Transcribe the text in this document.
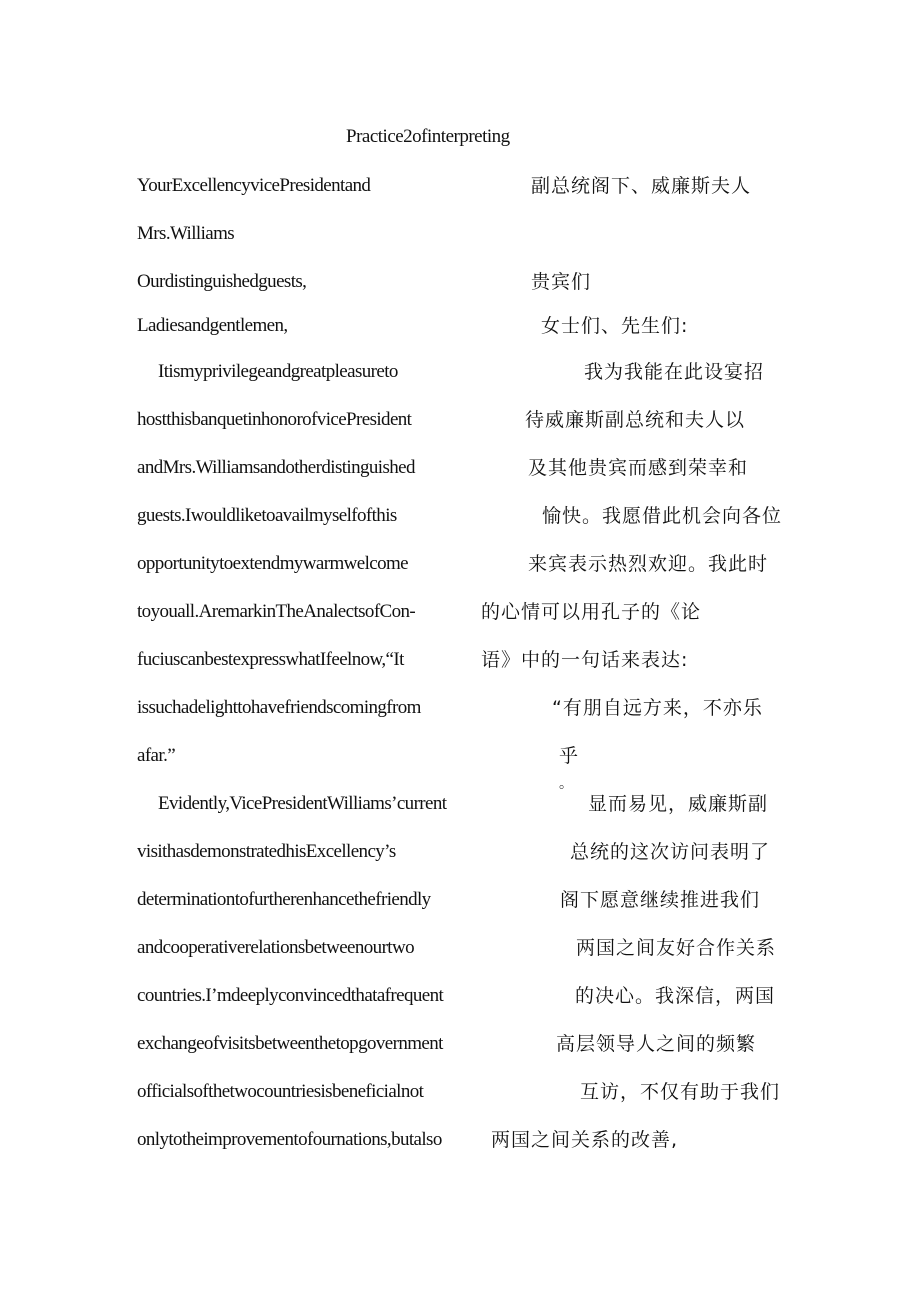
Practice2ofinterpreting
YourExcellencyvicePresidentand
Mrs.Williams
Ourdistinguishedguests,
Ladiesandgentlemen,
Itismyprivilegeandgreatpleasureto
hostthisbanquetinhonorofvicePresident
andMrs.Williamsandotherdistinguished
guests.Iwouldliketoavailmyselfofthis
opportunitytoextendmywarmwelcome
toyouall.AremarkinTheAnalectsofCon-
fuciuscanbestexpresswhatIfeelnow,“It
issuchadelighttohavefriendscomingfrom
afar.”
Evidently,VicePresidentWilliams’current
visithasdemonstratedhisExcellency’s
determinationtofurtherenhancethefriendly
andcooperativerelationsbetweenourtwo
countries.I’mdeeplyconvincedthatafrequent
exchangeofvisitsbetweenthetopgovernment
officialsofthetwocountriesisbeneficialnot
onlytotheimprovementofournations,butalso
副总统阁下、威廉斯夫人
贵宾们
女士们、先生们:
我为我能在此设宴招
待威廉斯副总统和夫人以
及其他贵宾而感到荣幸和
愉快。我愿借此机会向各位
来宾表示热烈欢迎。我此时
的心情可以用孔子的《论
语》中的一句话来表达:
“有朋自远方来，不亦乐
乎
。
显而易见，威廉斯副
总统的这次访问表明了
阁下愿意继续推进我们
两国之间友好合作关系
的决心。我深信，两国
高层领导人之间的频繁
互访，不仅有助于我们
两国之间关系的改善,
